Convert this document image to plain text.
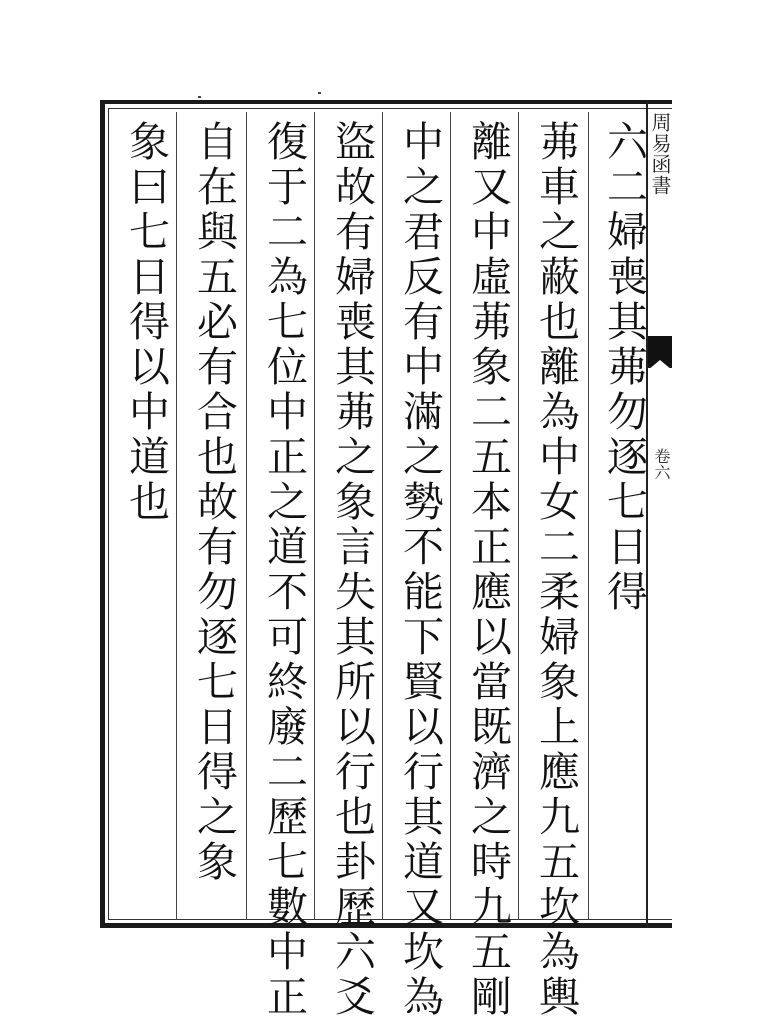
周易函書
卷六
六二婦喪其茀勿逐七日得
茀車之蔽也離為中女二柔婦象上應九五坎為輿
離又中虛茀象二五本正應以當既濟之時九五剛
中之君反有中滿之勢不能下賢以行其道又坎為
盜故有婦喪其茀之象言失其所以行也卦歷六爻
復于二為七位中正之道不可終廢二歷七數中正
自在與五必有合也故有勿逐七日得之象
象曰七日得以中道也
